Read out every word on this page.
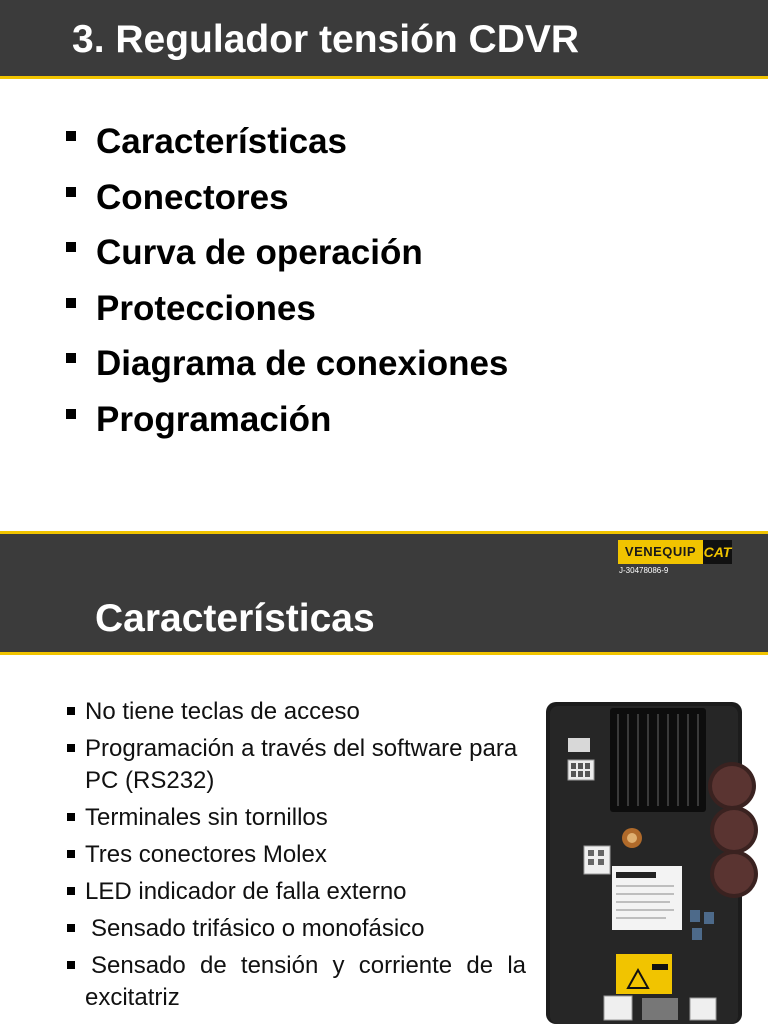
3. Regulador tensión CDVR
Características
Conectores
Curva de operación
Protecciones
Diagrama de conexiones
Programación
VENEQUIP CAT
J-30478086-9
Características
No tiene teclas de acceso
Programación a través del software para PC (RS232)
Terminales sin tornillos
Tres conectores Molex
LED indicador de falla externo
Sensado trifásico o monofásico
Sensado de tensión y corriente de la excitatriz
